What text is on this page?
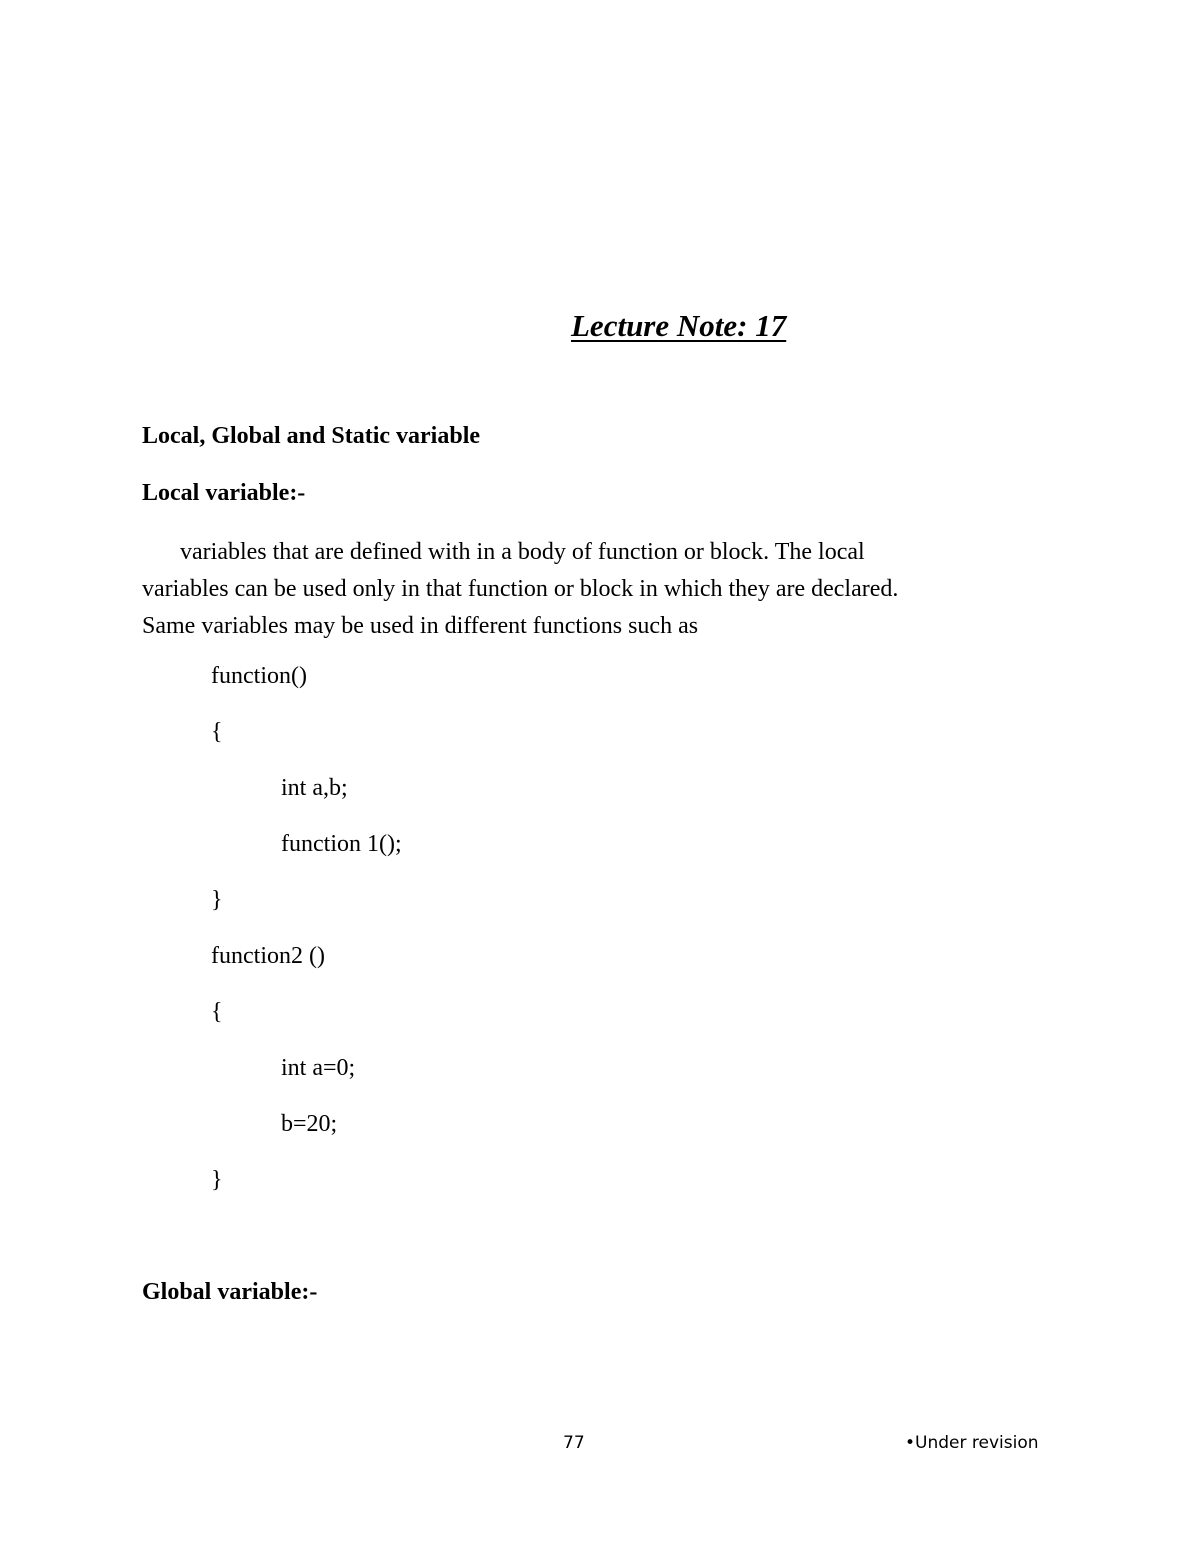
Lecture Note: 17
Local, Global and Static variable
Local variable:-
variables that are defined with in a body of function or block. The local
variables can be used only in that function or block in which they are declared.
Same variables may be used in different functions such as
function()
{
int a,b;
function 1();
}
function2 ()
{
int a=0;
b=20;
}
Global variable:-
77	•Under revision
